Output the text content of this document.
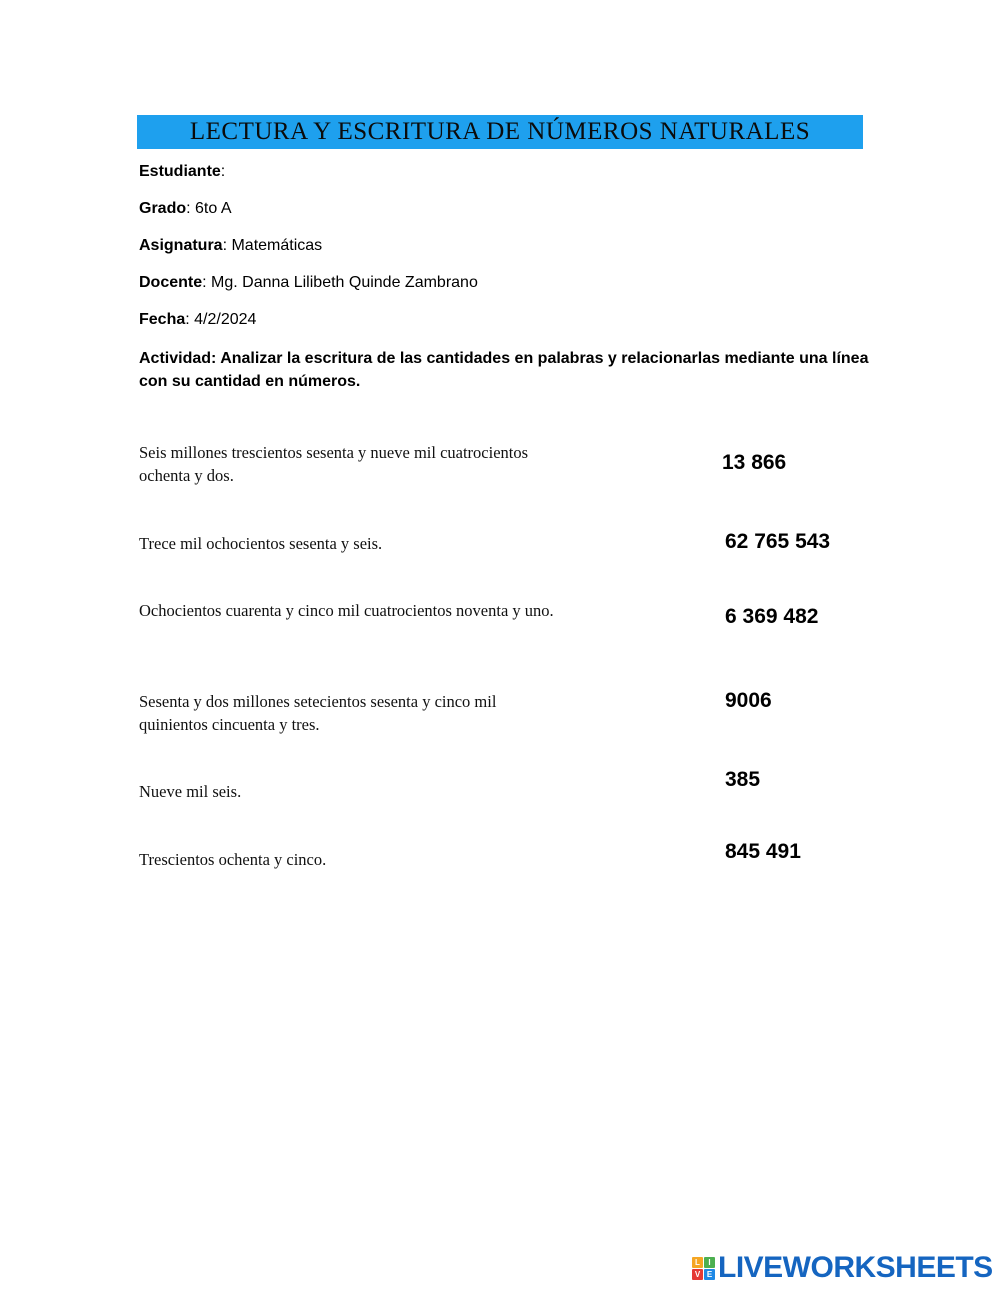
LECTURA Y ESCRITURA DE NÚMEROS NATURALES
Estudiante:
Grado: 6to A
Asignatura: Matemáticas
Docente: Mg. Danna Lilibeth Quinde Zambrano
Fecha: 4/2/2024
Actividad: Analizar la escritura de las cantidades en palabras y relacionarlas mediante una línea con su cantidad en números.
Seis millones trescientos sesenta y nueve mil cuatrocientos ochenta y dos.
Trece mil ochocientos sesenta y seis.
Ochocientos cuarenta y cinco mil cuatrocientos noventa y uno.
Sesenta y dos millones setecientos sesenta y cinco mil quinientos cincuenta y tres.
Nueve mil seis.
Trescientos ochenta y cinco.
13 866
62 765 543
6 369 482
9006
385
845 491
L	I
V E LIVEWORKSHEETS
